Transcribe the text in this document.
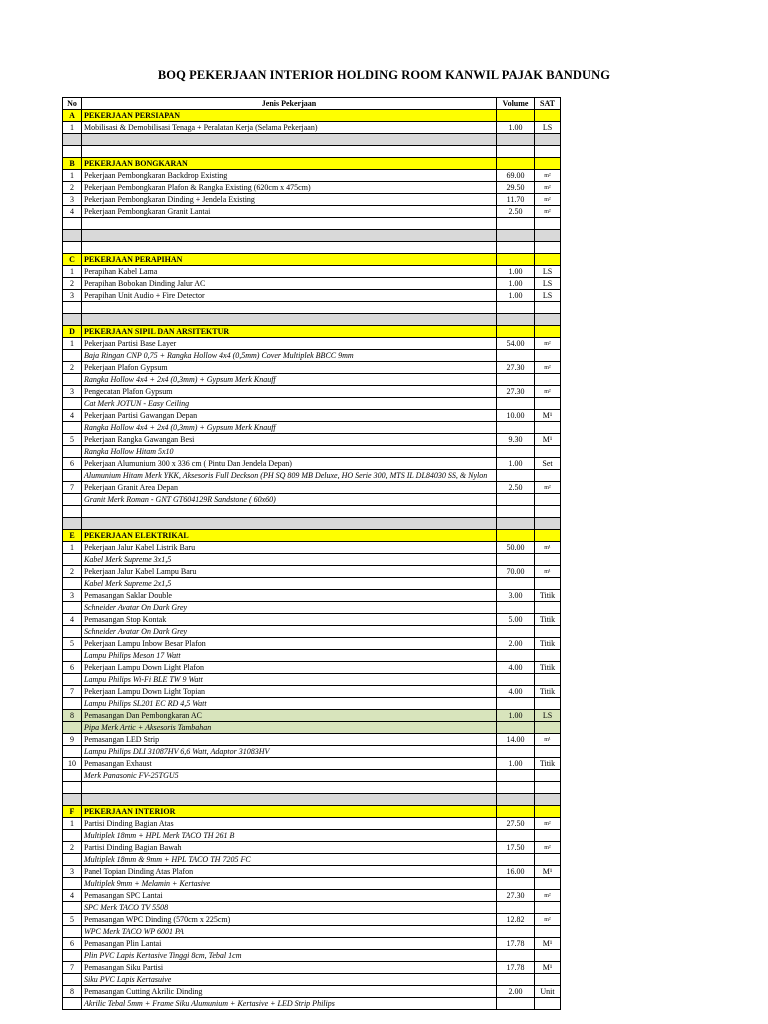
BOQ PEKERJAAN INTERIOR HOLDING ROOM KANWIL PAJAK BANDUNG
No	Jenis Pekerjaan	Volume	SAT
A	PEKERJAAN PERSIAPAN		
1	Mobilisasi & Demobilisasi Tenaga + Peralatan Kerja (Selama Pekerjaan)	1.00	LS

B	PEKERJAAN BONGKARAN		
1	Pekerjaan Pembongkaran Backdrop Existing	69.00	m²
2	Pekerjaan Pembongkaran Plafon & Rangka Existing (620cm x 475cm)	29.50	m²
3	Pekerjaan Pembongkaran Dinding + Jendela Existing	11.70	m²
4	Pekerjaan Pembongkaran Granit Lantai	2.50	m²

C	PEKERJAAN PERAPIHAN		
1	Perapihan Kabel Lama	1.00	LS
2	Perapihan Bobokan Dinding Jalur AC	1.00	LS
3	Perapihan Unit Audio + Fire Detector	1.00	LS

D	PEKERJAAN SIPIL DAN ARSITEKTUR		
1	Pekerjaan Partisi Base Layer	54.00	m²
	Baja Ringan CNP 0,75 + Rangka Hollow 4x4 (0,5mm) Cover Multiplek BBCC 9mm		
2	Pekerjaan Plafon Gypsum	27.30	m²
	Rangka Hollow 4x4 + 2x4 (0,3mm) + Gypsum Merk Knauff		
3	Pengecatan Plafon Gypsum	27.30	m²
	Cat Merk JOTUN - Easy Ceiling		
4	Pekerjaan Partisi Gawangan Depan	10.00	M¹
	Rangka Hollow 4x4 + 2x4 (0,3mm) + Gypsum Merk Knauff		
5	Pekerjaan Rangka Gawangan Besi	9.30	M¹
	Rangka Hollow Hitam 5x10		
6	Pekerjaan Alumunium 300 x 336 cm ( Pintu Dan Jendela Depan)	1.00	Set
	Alumunium Hitam Merk YKK, Aksesoris Full Deckson (PH SQ 809 MB Deluxe, HO Serie 300, MTS IL DL84030 SS, & Nylon		
7	Pekerjaan Granit Area Depan	2.50	m²
	Granit Merk Roman - GNT GT604129R Sandstone ( 60x60)		

E	PEKERJAAN ELEKTRIKAL		
1	Pekerjaan Jalur Kabel Listrik Baru	50.00	m¹
	Kabel Merk Supreme 3x1,5		
2	Pekerjaan Jalur Kabel Lampu Baru	70.00	m¹
	Kabel Merk Supreme 2x1,5		
3	Pemasangan Saklar Double	3.00	Titik
	Schneider Avatar On Dark Grey		
4	Pemasangan Stop Kontak	5.00	Titik
	Schneider Avatar On Dark Grey		
5	Pekerjaan Lampu Inbow Besar Plafon	2.00	Titik
	Lampu Philips Meson 17 Watt		
6	Pekerjaan Lampu Down Light Plafon	4.00	Titik
	Lampu Philips Wi-Fi BLE TW 9 Watt		
7	Pekerjaan Lampu Down Light Topian	4.00	Titik
	Lampu Philips SL201 EC RD 4,5 Watt		
8	Pemasangan Dan Pembongkaran AC	1.00	LS
	Pipa Merk Artic + Aksesoris Tambahan		
9	Pemasangan LED Strip	14.00	m¹
	Lampu Philips DLI 31087HV 6,6 Watt, Adaptor 31083HV		
10	Pemasangan Exhaust	1.00	Titik
	Merk Panasonic FV-25TGU5		

F	PEKERJAAN INTERIOR		
1	Partisi Dinding Bagian Atas	27.50	m²
	Multiplek 18mm + HPL Merk TACO TH 261 B		
2	Partisi Dinding Bagian Bawah	17.50	m²
	Multiplek 18mm & 9mm + HPL TACO TH 7205 FC		
3	Panel Topian Dinding Atas Plafon	16.00	M¹
	Multiplek 9mm + Melamin + Kertasive		
4	Pemasangan SPC Lantai	27.30	m²
	SPC Merk TACO TV 5508		
5	Pemasangan WPC Dinding (570cm x 225cm)	12.82	m²
	WPC Merk TACO WP 6001 PA		
6	Pemasangan Plin Lantai	17.78	M¹
	Plin PVC Lapis Kertasive Tinggi 8cm, Tebal 1cm		
7	Pemasangan Siku Partisi	17.78	M¹
	Siku PVC Lapis Kertasuive		
8	Pemasangan Cutting Akrilic Dinding	2.00	Unit
	Akrilic Tebal 5mm + Frame Siku Alumunium + Kertasive + LED Strip Philips		
